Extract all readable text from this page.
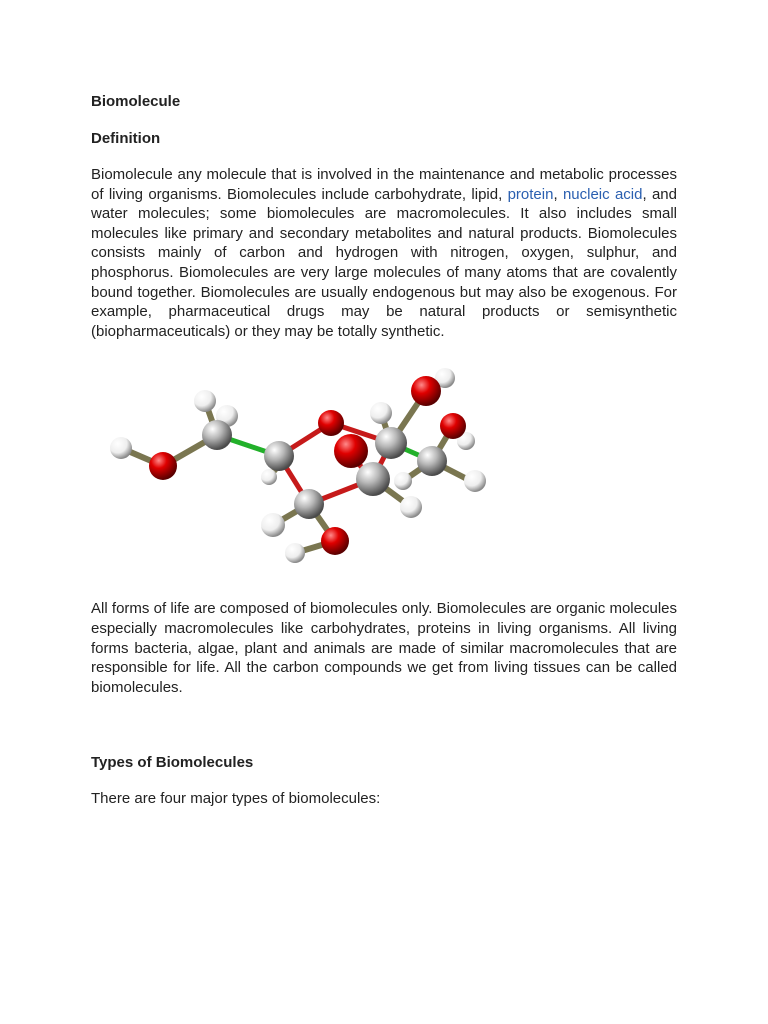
Biomolecule

Definition

Biomolecule any molecule that is involved in the maintenance and metabolic processes of living organisms. Biomolecules include carbohydrate, lipid, protein, nucleic acid, and water molecules; some biomolecules are macromolecules. It also includes small molecules like primary and secondary metabolites and natural products. Biomolecules consists mainly of carbon and hydrogen with nitrogen, oxygen, sulphur, and phosphorus. Biomolecules are very large molecules of many atoms that are covalently bound together. Biomolecules are usually endogenous but may also be exogenous. For example, pharmaceutical drugs may be natural products or semisynthetic (biopharmaceuticals) or they may be totally synthetic.

All forms of life are composed of biomolecules only. Biomolecules are organic molecules especially macromolecules like carbohydrates, proteins in living organisms. All living forms bacteria, algae, plant and animals are made of similar macromolecules that are responsible for life. All the carbon compounds we get from living tissues can be called biomolecules.

Types of Biomolecules

There are four major types of biomolecules:
